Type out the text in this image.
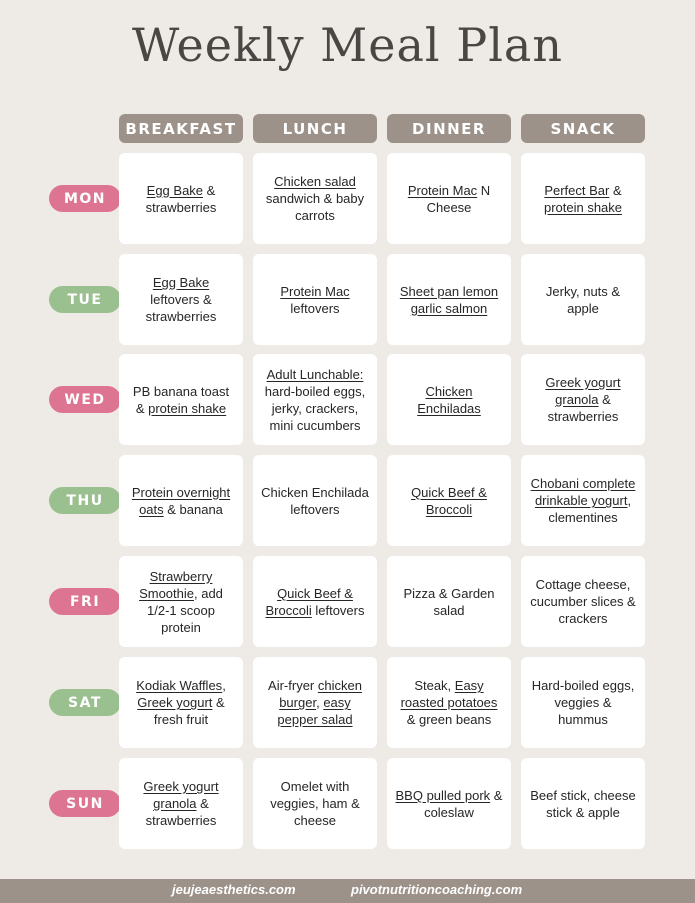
Weekly Meal Plan
BREAKFAST	LUNCH	DINNER	SNACK
MON
Egg Bake & strawberries
Chicken salad sandwich & baby carrots
Protein Mac N Cheese
Perfect Bar & protein shake
TUE
Egg Bake leftovers & strawberries
Protein Mac leftovers
Sheet pan lemon garlic salmon
Jerky, nuts & apple
WED
PB banana toast & protein shake
Adult Lunchable: hard-boiled eggs, jerky, crackers, mini cucumbers
Chicken Enchiladas
Greek yogurt granola & strawberries
THU
Protein overnight oats & banana
Chicken Enchilada leftovers
Quick Beef & Broccoli
Chobani complete drinkable yogurt, clementines
FRI
Strawberry Smoothie, add 1/2-1 scoop protein
Quick Beef & Broccoli leftovers
Pizza & Garden salad
Cottage cheese, cucumber slices & crackers
SAT
Kodiak Waffles, Greek yogurt & fresh fruit
Air-fryer chicken burger, easy pepper salad
Steak, Easy roasted potatoes & green beans
Hard-boiled eggs, veggies & hummus
SUN
Greek yogurt granola & strawberries
Omelet with veggies, ham & cheese
BBQ pulled pork & coleslaw
Beef stick, cheese stick & apple
jeujeaesthetics.com	pivotnutritioncoaching.com
